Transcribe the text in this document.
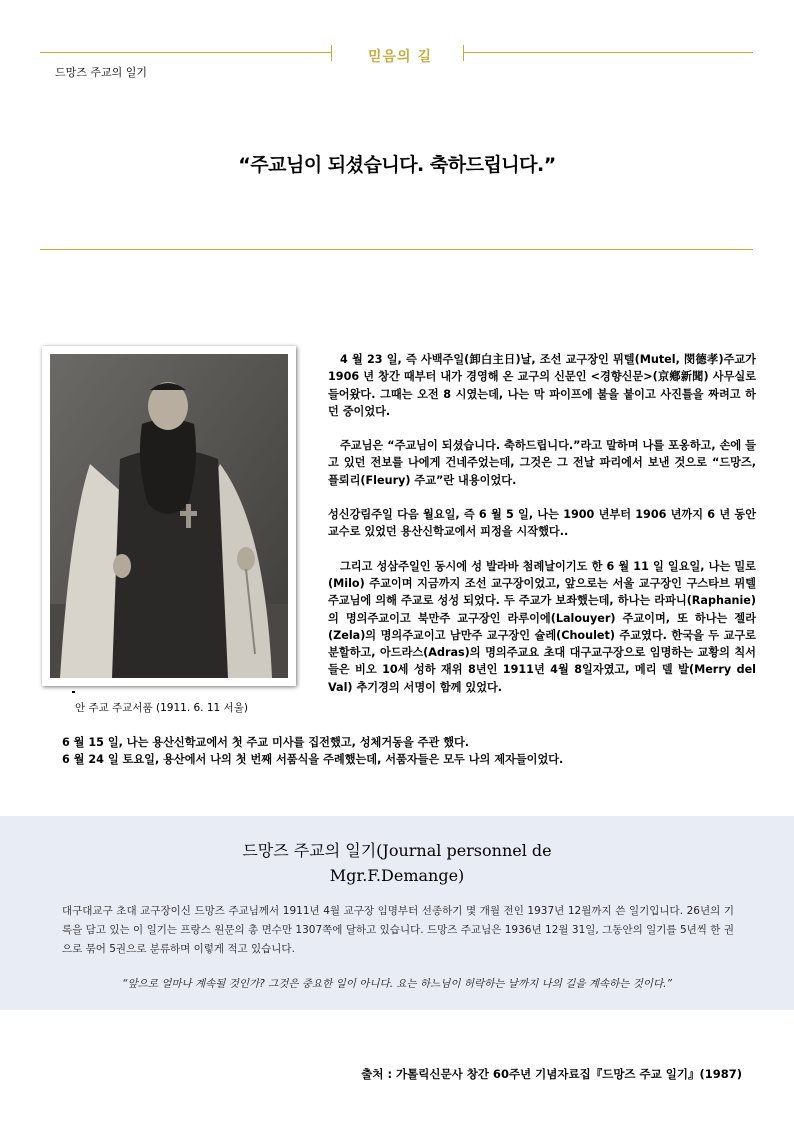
믿음의 길
드망즈 주교의 일기
“주교님이 되셨습니다. 축하드립니다.”
안 주교 주교서품 (1911. 6. 11 서울)

4 월 23 일, 즉 사백주일(卸白主日)날, 조선 교구장인 뮈텔(Mutel, 閔德孝)주교가 1906 년 창간 때부터 내가 경영해 온 교구의 신문인 <경향신문>(京鄕新聞) 사무실로 들어왔다. 그때는 오전 8 시였는데, 나는 막 파이프에 불을 붙이고 사진틀을 짜려고 하던 중이었다.

주교님은 “주교님이 되셨습니다. 축하드립니다.”라고 말하며 나를 포옹하고, 손에 들고 있던 전보를 나에게 건네주었는데, 그것은 그 전날 파리에서 보낸 것으로 “드망즈, 플뢰리(Fleury) 주교”란 내용이었다.

성신강림주일 다음 월요일, 즉 6 월 5 일, 나는 1900 년부터 1906 년까지 6 년 동안 교수로 있었던 용산신학교에서 피정을 시작했다..

그리고 성삼주일인 동시에 성 발라바 첨례날이기도 한 6 월 11 일 일요일, 나는 밀로(Milo) 주교이며 지금까지 조선 교구장이었고, 앞으로는 서울 교구장인 구스타브 뮈텔 주교님에 의해 주교로 성성 되었다. 두 주교가 보좌했는데, 하나는 라파니(Raphanie)의 명의주교이고 북만주 교구장인 라루이에(Lalouyer) 주교이며, 또 하나는 젤라(Zela)의 명의주교이고 남만주 교구장인 슐레(Choulet) 주교였다. 한국을 두 교구로 분할하고, 아드라스(Adras)의 명의주교요 초대 대구교구장으로 임명하는 교황의 칙서들은 비오 10세 성하 재위 8년인 1911년 4월 8일자였고, 메리 델 발(Merry del Val) 추기경의 서명이 함께 있었다.

6 월 15 일, 나는 용산신학교에서 첫 주교 미사를 집전했고, 성체거동을 주관 했다.
6 월 24 일 토요일, 용산에서 나의 첫 번째 서품식을 주례했는데, 서품자들은 모두 나의 제자들이었다.
드망즈 주교의 일기(Journal personnel de
Mgr.F.Demange)
대구대교구 초대 교구장이신 드망즈 주교님께서 1911년 4월 교구장 임명부터 선종하기 몇 개월 전인 1937년 12월까지 쓴 일기입니다. 26년의 기록을 담고 있는 이 일기는 프랑스 원문의 총 면수만 1307쪽에 달하고 있습니다. 드망즈 주교님은 1936년 12월 31일, 그동안의 일기를 5년씩 한 권으로 묶어 5권으로 분류하며 이렇게 적고 있습니다.
“앞으로 얼마나 계속될 것인가? 그것은 중요한 일이 아니다. 요는 하느님이 허락하는 날까지 나의 길을 계속하는 것이다.”
출처 : 가톨릭신문사 창간 60주년 기념자료집『드망즈 주교 일기』(1987)
